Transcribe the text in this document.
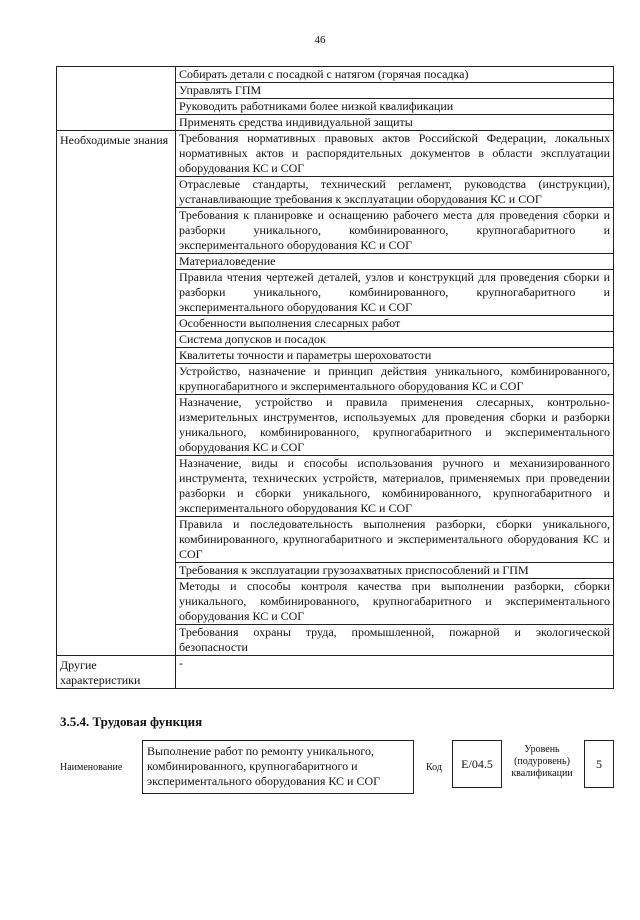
46
	Собирать детали с посадкой с натягом (горячая посадка)
	Управлять ГПМ
	Руководить работниками более низкой квалификации
	Применять средства индивидуальной защиты
Необходимые знания	Требования нормативных правовых актов Российской Федерации, локальных нормативных актов и распорядительных документов в области эксплуатации оборудования КС и СОГ
	Отраслевые стандарты, технический регламент, руководства (инструкции), устанавливающие требования к эксплуатации оборудования КС и СОГ
	Требования к планировке и оснащению рабочего места для проведения сборки и разборки уникального, комбинированного, крупногабаритного и экспериментального оборудования КС и СОГ
	Материаловедение
	Правила чтения чертежей деталей, узлов и конструкций для проведения сборки и разборки уникального, комбинированного, крупногабаритного и экспериментального оборудования КС и СОГ
	Особенности выполнения слесарных работ
	Система допусков и посадок
	Квалитеты точности и параметры шероховатости
	Устройство, назначение и принцип действия уникального, комбинированного, крупногабаритного и экспериментального оборудования КС и СОГ
	Назначение, устройство и правила применения слесарных, контрольно-измерительных инструментов, используемых для проведения сборки и разборки уникального, комбинированного, крупногабаритного и экспериментального оборудования КС и СОГ
	Назначение, виды и способы использования ручного и механизированного инструмента, технических устройств, материалов, применяемых при проведении разборки и сборки уникального, комбинированного, крупногабаритного и экспериментального оборудования КС и СОГ
	Правила и последовательность выполнения разборки, сборки уникального, комбинированного, крупногабаритного и экспериментального оборудования КС и СОГ
	Требования к эксплуатации грузозахватных приспособлений и ГПМ
	Методы и способы контроля качества при выполнении разборки, сборки уникального, комбинированного, крупногабаритного и экспериментального оборудования КС и СОГ
	Требования охраны труда, промышленной, пожарной и экологической безопасности
Другие характеристики	-
3.5.4. Трудовая функция
Наименование
Выполнение работ по ремонту уникального, комбинированного, крупногабаритного и экспериментального оборудования КС и СОГ
Код E/04.5
Уровень (подуровень) квалификации
5
